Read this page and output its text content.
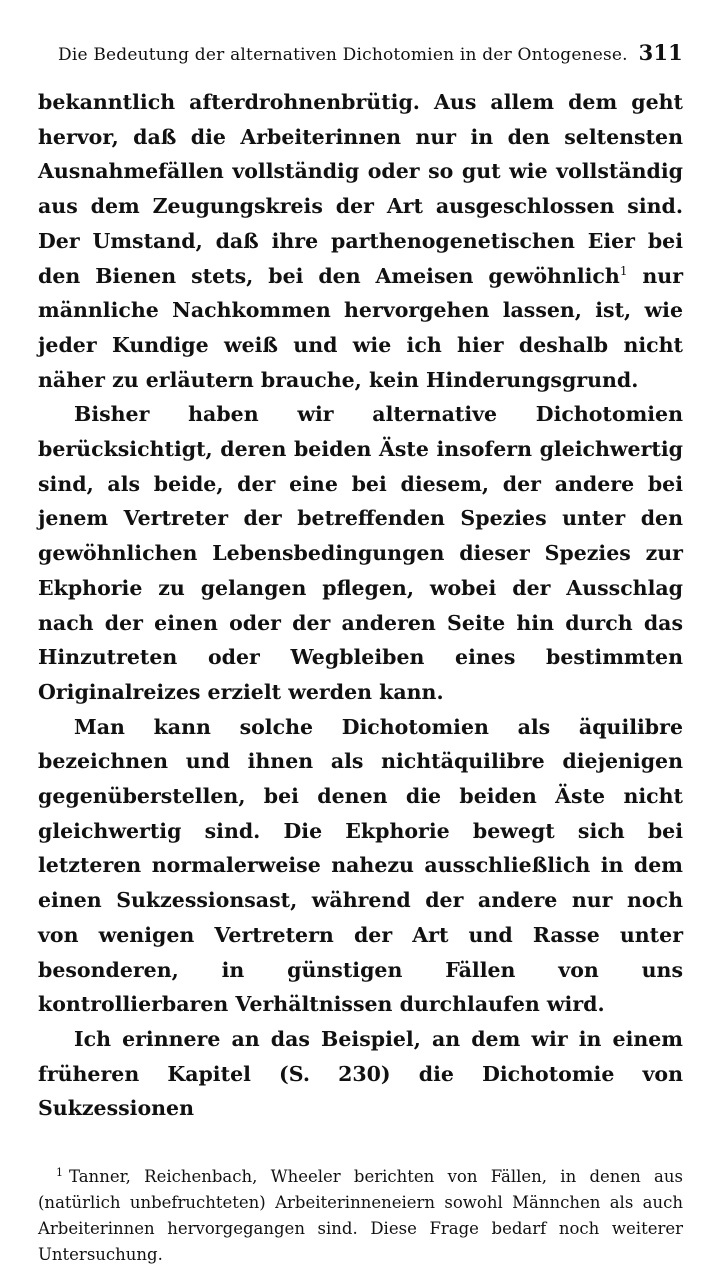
Die Bedeutung der alternativen Dichotomien in der Ontogenese. 311

bekanntlich afterdrohnenbrütig. Aus allem dem geht hervor, daß die Arbeiterinnen nur in den seltensten Ausnahmefällen vollständig oder so gut wie vollständig aus dem Zeugungskreis der Art ausgeschlossen sind. Der Umstand, daß ihre parthenogenetischen Eier bei den Bienen stets, bei den Ameisen gewöhnlich$^1$ nur männliche Nachkommen hervorgehen lassen, ist, wie jeder Kundige weiß und wie ich hier deshalb nicht näher zu erläutern brauche, kein Hinderungsgrund.

Bisher haben wir alternative Dichotomien berücksichtigt, deren beiden Äste insofern gleichwertig sind, als beide, der eine bei diesem, der andere bei jenem Vertreter der betreffenden Spezies unter den gewöhnlichen Lebensbedingungen dieser Spezies zur Ekphorie zu gelangen pflegen, wobei der Ausschlag nach der einen oder der anderen Seite hin durch das Hinzutreten oder Wegbleiben eines bestimmten Originalreizes erzielt werden kann.

Man kann solche Dichotomien als äquilibre bezeichnen und ihnen als nichtäquilibre diejenigen gegenüberstellen, bei denen die beiden Äste nicht gleichwertig sind. Die Ekphorie bewegt sich bei letzteren normalerweise nahezu ausschließlich in dem einen Sukzessionsast, während der andere nur noch von wenigen Vertretern der Art und Rasse unter besonderen, in günstigen Fällen von uns kontrollierbaren Verhältnissen durchlaufen wird.

Ich erinnere an das Beispiel, an dem wir in einem früheren Kapitel (S. 230) die Dichotomie von Sukzessionen

$^1$ Tanner, Reichenbach, Wheeler berichten von Fällen, in denen aus (natürlich unbefruchteten) Arbeiterinneneiern sowohl Männchen als auch Arbeiterinnen hervorgegangen sind. Diese Frage bedarf noch weiterer Untersuchung.
